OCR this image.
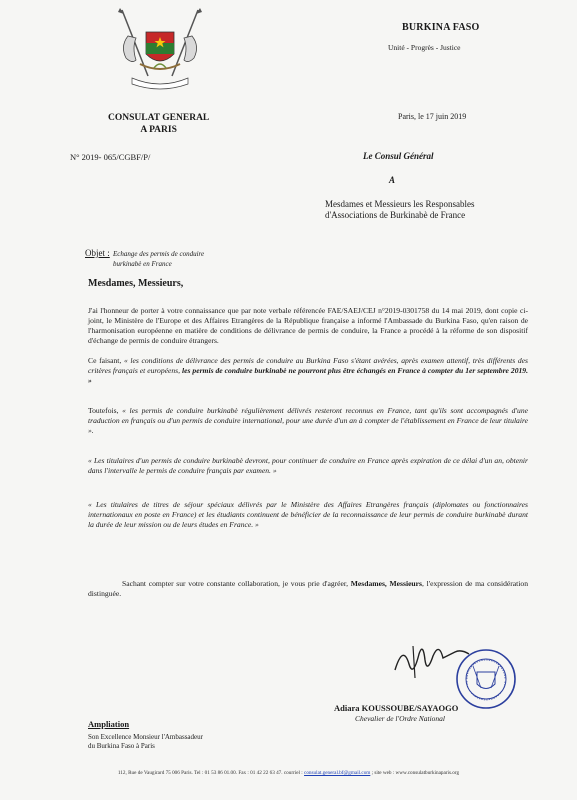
BURKINA FASO
Unité - Progrès - Justice
CONSULAT GENERAL
A PARIS
N° 2019- 065/CGBF/P/
Paris, le 17 juin 2019
Le Consul Général
A
Mesdames et Messieurs les Responsables
d'Associations de Burkinabè de France
Objet : Echange des permis de conduire
burkinabè en France
Mesdames, Messieurs,
J'ai l'honneur de porter à votre connaissance que par note verbale référencée FAE/SAEJ/CEJ n°2019-0301758 du 14 mai 2019, dont copie ci-joint, le Ministère de l'Europe et des Affaires Etrangères de la République française a informé l'Ambassade du Burkina Faso, qu'en raison de l'harmonisation européenne en matière de conditions de délivrance de permis de conduire, la France a procédé à la réforme de son dispositif d'échange de permis de conduire étrangers.
Ce faisant, « les conditions de délivrance des permis de conduire au Burkina Faso s'étant avérées, après examen attentif, très différents des critères français et européens, les permis de conduire burkinabè ne pourront plus être échangés en France à compter du 1er septembre 2019. »
Toutefois, « les permis de conduire burkinabè régulièrement délivrés resteront reconnus en France, tant qu'ils sont accompagnés d'une traduction en français ou d'un permis de conduire international, pour une durée d'un an à compter de l'établissement en France de leur titulaire ».
« Les titulaires d'un permis de conduire burkinabè devront, pour continuer de conduire en France après expiration de ce délai d'un an, obtenir dans l'intervalle le permis de conduire français par examen. »
« Les titulaires de titres de séjour spéciaux délivrés par le Ministère des Affaires Etrangères français (diplomates ou fonctionnaires internationaux en poste en France) et les étudiants continuent de bénéficier de la reconnaissance de leur permis de conduire burkinabè durant la durée de leur mission ou de leurs études en France. »
Sachant compter sur votre constante collaboration, je vous prie d'agréer, Mesdames, Messieurs, l'expression de ma considération distinguée.
Adiara KOUSSOUBE/SAYAOGO
Chevalier de l'Ordre National
Ampliation
Son Excellence Monsieur l'Ambassadeur
du Burkina Faso à Paris
112, Rue de Vaugirard 75 006 Paris. Tel : 01 53 86 01.00. Fax : 01 42 22 63 47. courriel : consulat.general.bf@gmail.com ; site web : www.consulatburkinaparis.org
